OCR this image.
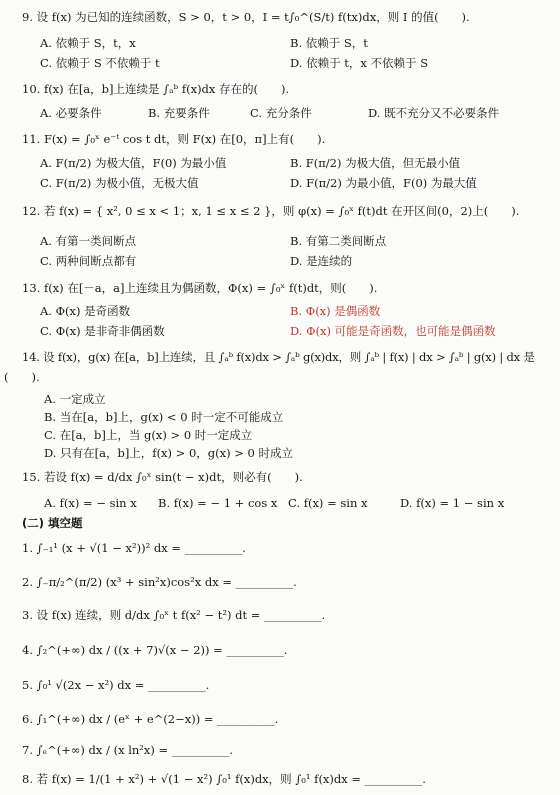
9. 设 f(x) 为已知的连续函数，S > 0，t > 0，I = t∫₀^(S/t) f(tx)dx，则 I 的值(　　).
A. 依赖于 S，t，x	B. 依赖于 S，t
C. 依赖于 S 不依赖于 t	D. 依赖于 t，x 不依赖于 S
10. f(x) 在[a，b]上连续是 ∫ₐᵇ f(x)dx 存在的(　　).
A. 必要条件	B. 充要条件	C. 充分条件	D. 既不充分又不必要条件
11. F(x) = ∫₀ˣ e⁻ᵗ cos t dt，则 F(x) 在[0，π]上有(　　).
A. F(π/2) 为极大值，F(0) 为最小值	B. F(π/2) 为极大值，但无最小值
C. F(π/2) 为极小值，无极大值	D. F(π/2) 为最小值，F(0) 为最大值
12. 若 f(x) = { x², 0 ≤ x < 1；x, 1 ≤ x ≤ 2 }，则 φ(x) = ∫₀ˣ f(t)dt 在开区间(0，2)上(　　).
A. 有第一类间断点	B. 有第二类间断点
C. 两种间断点都有	D. 是连续的
13. f(x) 在[－a，a]上连续且为偶函数，Φ(x) = ∫₀ˣ f(t)dt，则(　　).
A. Φ(x) 是奇函数	B. Φ(x) 是偶函数
C. Φ(x) 是非奇非偶函数	D. Φ(x) 可能是奇函数，也可能是偶函数
14. 设 f(x)，g(x) 在[a，b]上连续，且 ∫ₐᵇ f(x)dx > ∫ₐᵇ g(x)dx，则 ∫ₐᵇ | f(x) | dx > ∫ₐᵇ | g(x) | dx 是
(　　).
A. 一定成立
B. 当在[a，b]上，g(x) < 0 时一定不可能成立
C. 在[a，b]上，当 g(x) > 0 时一定成立
D. 只有在[a，b]上，f(x) > 0，g(x) > 0 时成立
15. 若设 f(x) = d/dx ∫₀ˣ sin(t − x)dt，则必有(　　).
A. f(x) = − sin x B. f(x) = − 1 + cos x C. f(x) = sin x	D. f(x) = 1 − sin x
(二) 填空题
1. ∫₋₁¹ (x + √(1 − x²))² dx = __________.
2. ∫₋π/₂^(π/2) (x³ + sin²x)cos²x dx = __________.
3. 设 f(x) 连续，则 d/dx ∫₀ˣ t f(x² − t²) dt = __________.
4. ∫₂^(+∞) dx / ((x + 7)√(x − 2)) = __________.
5. ∫₀¹ √(2x − x²) dx = __________.
6. ∫₁^(+∞) dx / (eˣ + e^(2−x)) = __________.
7. ∫ₑ^(+∞) dx / (x ln²x) = __________.
8. 若 f(x) = 1/(1 + x²) + √(1 − x²) ∫₀¹ f(x)dx，则 ∫₀¹ f(x)dx = __________.
